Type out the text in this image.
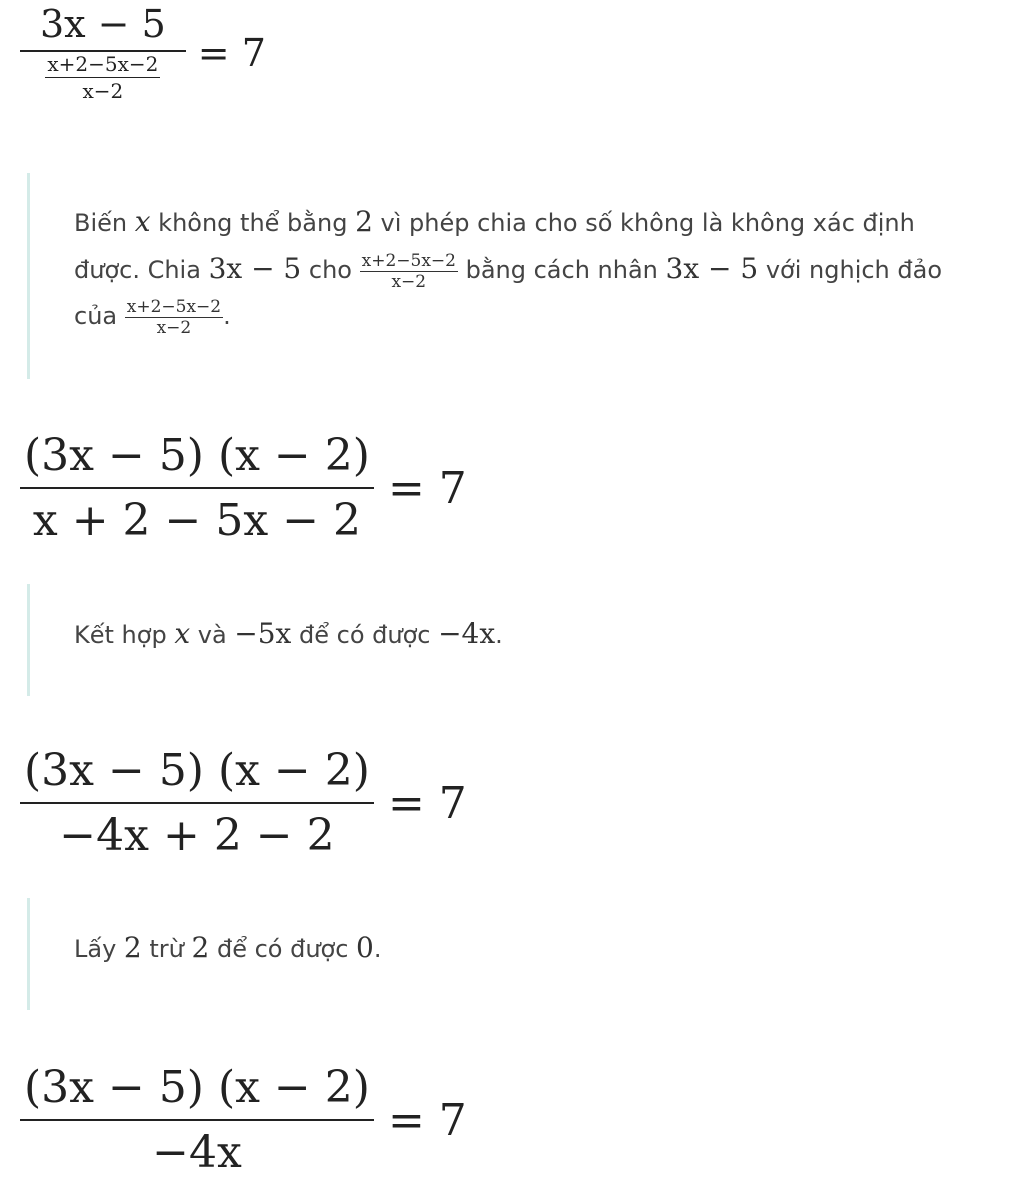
$\frac{3x - 5}{\frac{x+2-5x-2}{x-2}} = 7$
Biến x không thể bằng 2 vì phép chia cho số không là không xác định được. Chia 3x − 5 cho $\frac{x+2-5x-2}{x-2}$ bằng cách nhân 3x − 5 với nghịch đảo của $\frac{x+2-5x-2}{x-2}$ .
$\frac{(3x - 5) (x - 2)}{x + 2 - 5x - 2} = 7$
Kết hợp x và −5x để có được −4x.
$\frac{(3x - 5) (x - 2)}{-4x + 2 - 2} = 7$
Lấy 2 trừ 2 để có được 0.
$\frac{(3x - 5) (x - 2)}{-4x} = 7$
